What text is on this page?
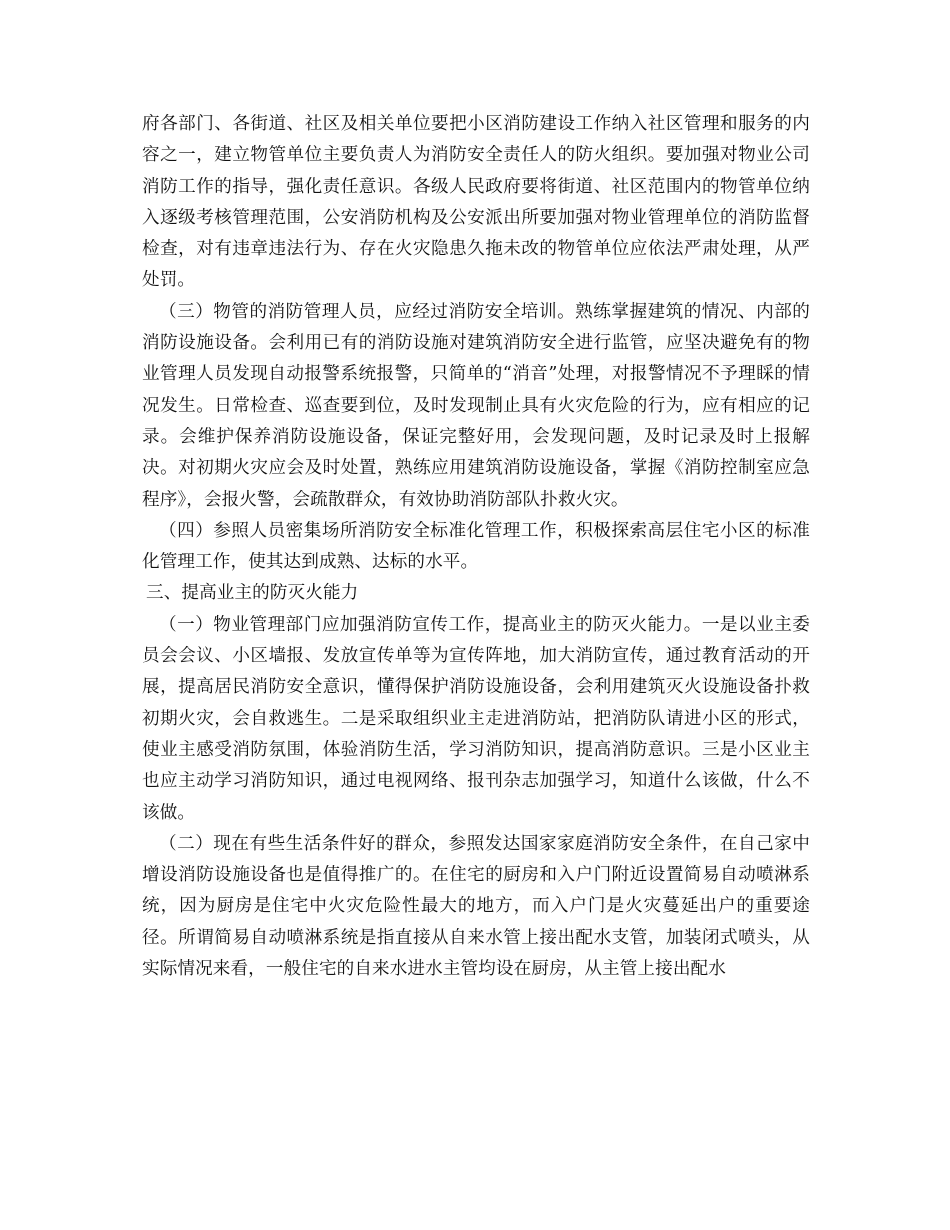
府各部门、各街道、社区及相关单位要把小区消防建设工作纳入社区管理和服务的内容之一，建立物管单位主要负责人为消防安全责任人的防火组织。要加强对物业公司消防工作的指导，强化责任意识。各级人民政府要将街道、社区范围内的物管单位纳入逐级考核管理范围，公安消防机构及公安派出所要加强对物业管理单位的消防监督检查，对有违章违法行为、存在火灾隐患久拖未改的物管单位应依法严肃处理，从严处罚。

（三）物管的消防管理人员，应经过消防安全培训。熟练掌握建筑的情况、内部的消防设施设备。会利用已有的消防设施对建筑消防安全进行监管，应坚决避免有的物业管理人员发现自动报警系统报警，只简单的“消音”处理，对报警情况不予理睬的情况发生。日常检查、巡查要到位，及时发现制止具有火灾危险的行为，应有相应的记录。会维护保养消防设施设备，保证完整好用，会发现问题，及时记录及时上报解决。对初期火灾应会及时处置，熟练应用建筑消防设施设备，掌握《消防控制室应急程序》，会报火警，会疏散群众，有效协助消防部队扑救火灾。

（四）参照人员密集场所消防安全标准化管理工作，积极探索高层住宅小区的标准化管理工作，使其达到成熟、达标的水平。

三、提高业主的防灭火能力

（一）物业管理部门应加强消防宣传工作，提高业主的防灭火能力。一是以业主委员会会议、小区墙报、发放宣传单等为宣传阵地，加大消防宣传，通过教育活动的开展，提高居民消防安全意识，懂得保护消防设施设备，会利用建筑灭火设施设备扑救初期火灾，会自救逃生。二是采取组织业主走进消防站，把消防队请进小区的形式，使业主感受消防氛围，体验消防生活，学习消防知识，提高消防意识。三是小区业主也应主动学习消防知识，通过电视网络、报刊杂志加强学习，知道什么该做，什么不该做。

（二）现在有些生活条件好的群众，参照发达国家家庭消防安全条件，在自己家中增设消防设施设备也是值得推广的。在住宅的厨房和入户门附近设置简易自动喷淋系统，因为厨房是住宅中火灾危险性最大的地方，而入户门是火灾蔓延出户的重要途径。所谓简易自动喷淋系统是指直接从自来水管上接出配水支管，加装闭式喷头，从实际情况来看，一般住宅的自来水进水主管均设在厨房，从主管上接出配水
